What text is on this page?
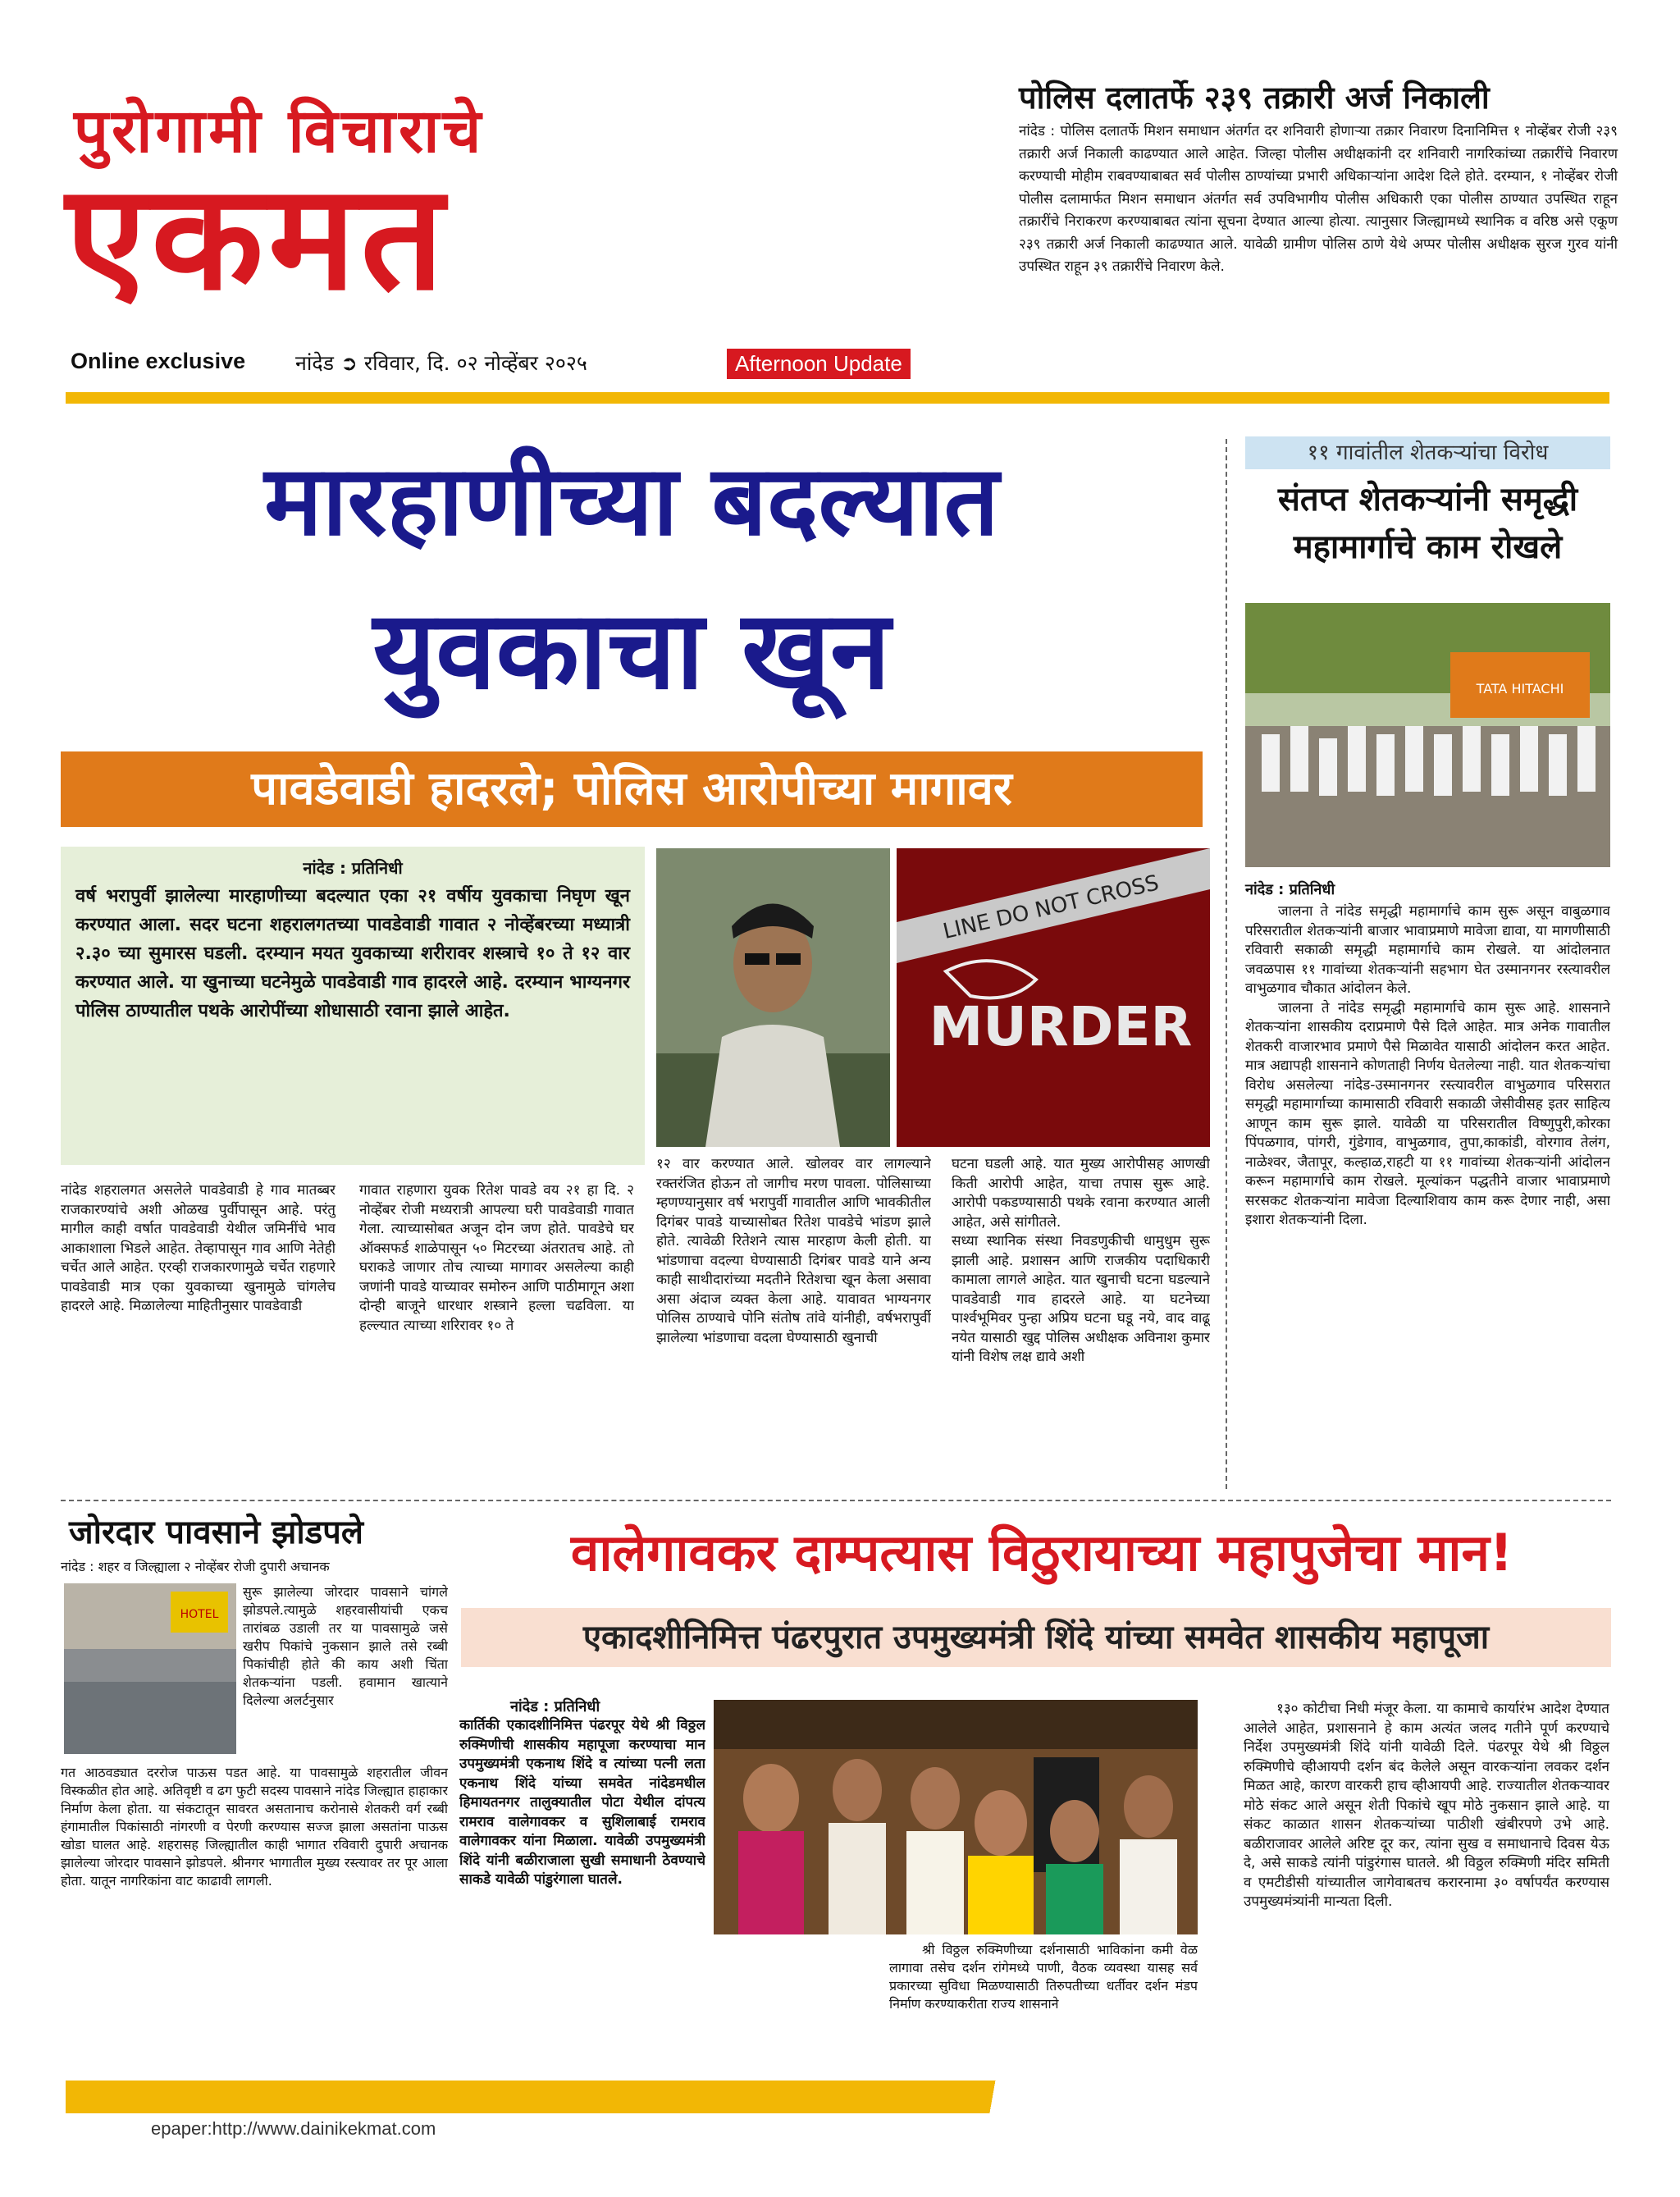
पुरोगामी विचाराचे
एकमत
Online exclusive नांदेड ➲ रविवार, दि. ०२ नोव्हेंबर २०२५	Afternoon Update
पोलिस दलातर्फे २३९ तक्रारी अर्ज निकाली

नांदेड : पोलिस दलातर्फे मिशन समाधान अंतर्गत दर शनिवारी होणाऱ्या तक्रार निवारण दिनानिमित्त १ नोव्हेंबर रोजी २३९ तक्रारी अर्ज निकाली काढण्यात आले आहेत. जिल्हा पोलीस अधीक्षकांनी दर शनिवारी नागरिकांच्या तक्रारींचे निवारण करण्याची मोहीम राबवण्याबाबत सर्व पोलीस ठाण्यांच्या प्रभारी अधिकाऱ्यांना आदेश दिले होते. दरम्यान, १ नोव्हेंबर रोजी पोलीस दलामार्फत मिशन समाधान अंतर्गत सर्व उपविभागीय पोलीस अधिकारी एका पोलीस ठाण्यात उपस्थित राहून तक्रारींचे निराकरण करण्याबाबत त्यांना सूचना देण्यात आल्या होत्या. त्यानुसार जिल्ह्यामध्ये स्थानिक व वरिष्ठ असे एकूण २३९ तक्रारी अर्ज निकाली काढण्यात आले. यावेळी ग्रामीण पोलिस ठाणे येथे अप्पर पोलीस अधीक्षक सुरज गुरव यांनी उपस्थित राहून ३९ तक्रारींचे निवारण केले.

मारहाणीच्या बदल्यात
युवकाचा खून
पावडेवाडी हादरले; पोलिस आरोपीच्या मागावर
नांदेड : प्रतिनिधी

वर्ष भरापुर्वी झालेल्या मारहाणीच्या बदल्यात एका २१ वर्षीय युवकाचा निघृण खून करण्यात आला. सदर घटना शहरालगतच्या पावडेवाडी गावात २ नोव्हेंबरच्या मध्यात्री २.३० च्या सुमारस घडली. दरम्यान मयत युवकाच्या शरीरावर शस्त्राचे १० ते १२ वार करण्यात आले. या खुनाच्या घटनेमुळे पावडेवाडी गाव हादरले आहे. दरम्यान भाग्यनगर पोलिस ठाण्यातील पथके आरोपींच्या शोधासाठी रवाना झाले आहेत.

LINE DO NOT CROSS
MURDER

नांदेड शहरालगत असलेले पावडेवाडी हे गाव मातब्बर राजकारण्यांचे अशी ओळख पुर्वीपासून आहे. परंतु मागील काही वर्षात पावडेवाडी येथील जमिनींचे भाव आकाशाला भिडले आहेत. तेव्हापासून गाव आणि नेतेही चर्चेत आले आहेत. एरव्ही राजकारणामुळे चर्चेत राहणारे पावडेवाडी मात्र एका युवकाच्या खुनामुळे चांगलेच हादरले आहे. मिळालेल्या माहितीनुसार पावडेवाडी

गावात राहणारा युवक रितेश पावडे वय २१ हा दि. २ नोव्हेंबर रोजी मध्यरात्री आपल्या घरी पावडेवाडी गावात गेला. त्याच्यासोबत अजून दोन जण होते. पावडेचे घर ऑक्सफर्ड शाळेपासून ५० मिटरच्या अंतरातच आहे. तो घराकडे जाणार तोच त्याच्या मागावर असलेल्या काही जणांनी पावडे याच्यावर समोरुन आणि पाठीमागून अशा दोन्ही बाजूने धारधार शस्त्राने हल्ला चढविला. या हल्ल्यात त्याच्या शरिरावर १० ते

१२ वार करण्यात आले. खोलवर वार लागल्याने रक्तरंजित होऊन तो जागीच मरण पावला. पोलिसाच्या म्हणण्यानुसार वर्ष भरापुर्वी गावातील आणि भावकीतील दिगंबर पावडे याच्यासोबत रितेश पावडेचे भांडण झाले होते. त्यावेळी रितेशने त्यास मारहाण केली होती. या भांडणाचा वदल्या घेण्यासाठी दिगंबर पावडे याने अन्य काही साथीदारांच्या मदतीने रितेशचा खून केला असावा असा अंदाज व्यक्त केला आहे. यावावत भाग्यनगर पोलिस ठाण्याचे पोनि संतोष तांवे यांनीही, वर्षभरापुर्वी झालेल्या भांडणाचा वदला घेण्यासाठी खुनाची

घटना घडली आहे. यात मुख्य आरोपीसह आणखी किती आरोपी आहेत, याचा तपास सुरू आहे. आरोपी पकडण्यासाठी पथके रवाना करण्यात आली आहेत, असे सांगीतले.
सध्या स्थानिक संस्था निवडणुकीची धामुधुम सुरू झाली आहे. प्रशासन आणि राजकीय पदाधिकारी कामाला लागले आहेत. यात खुनाची घटना घडल्याने पावडेवाडी गाव हादरले आहे. या घटनेच्या पार्श्वभूमिवर पुन्हा अप्रिय घटना घडू नये, वाद वाढू नयेत यासाठी खुद्द पोलिस अधीक्षक अविनाश कुमार यांनी विशेष लक्ष द्यावे अशी

११ गावांतील शेतकऱ्यांचा विरोध
संतप्त शेतकऱ्यांनी समृद्धी महामार्गाचे काम रोखले
TATA HITACHI
नांदेड : प्रतिनिधी

जालना ते नांदेड समृद्धी महामार्गाचे काम सुरू असून वाबुळगाव परिसरातील शेतकऱ्यांनी बाजार भावाप्रमाणे मावेजा द्यावा, या मागणीसाठी रविवारी सकाळी समृद्धी महामार्गाचे काम रोखले. या आंदोलनात जवळपास ११ गावांच्या शेतकऱ्यांनी सहभाग घेत उस्मानगनर रस्त्यावरील वाभुळगाव चौकात आंदोलन केले.

जालना ते नांदेड समृद्धी महामार्गाचे काम सुरू आहे. शासनाने शेतकऱ्यांना शासकीय दराप्रमाणे पैसे दिले आहेत. मात्र अनेक गावातील शेतकरी वाजारभाव प्रमाणे पैसे मिळावेत यासाठी आंदोलन करत आहेत. मात्र अद्यापही शासनाने कोणताही निर्णय घेतलेल्या नाही. यात शेतकऱ्यांचा विरोध असलेल्या नांदेड-उस्मानगनर रस्त्यावरील वाभुळगाव परिसरात समृद्धी महामार्गाच्या कामासाठी रविवारी सकाळी जेसीवीसह इतर साहित्य आणून काम सुरू झाले. यावेळी या परिसरातील विष्णुपुरी,कोरका पिंपळगाव, पांगरी, गुंडेगाव, वाभुळगाव, तुपा,काकांडी, वोरगाव तेलंग, नाळेश्वर, जैतापूर, कल्हाळ,राहटी या ११ गावांच्या शेतकऱ्यांनी आंदोलन करून महामार्गाचे काम रोखले. मूल्यांकन पद्धतीने वाजार भावाप्रमाणे सरसकट शेतकऱ्यांना मावेजा दिल्याशिवाय काम करू देणार नाही, असा इशारा शेतकऱ्यांनी दिला.

जोरदार पावसाने झोडपले
नांदेड : शहर व जिल्ह्याला २ नोव्हेंबर रोजी दुपारी अचानक
HOTEL

सुरू झालेल्या जोरदार पावसाने चांगले झोडपले.त्यामुळे शहरवासीयांची एकच तारांबळ उडाली तर या पावसामुळे जसे खरीप पिकांचे नुकसान झाले तसे रब्बी पिकांचीही होते की काय अशी चिंता शेतकऱ्यांना पडली. हवामान खात्याने दिलेल्या अलर्टनुसार

गत आठवड्यात दररोज पाऊस पडत आहे. या पावसामुळे शहरातील जीवन विस्कळीत होत आहे. अतिवृष्टी व ढग फुटी सदस्य पावसाने नांदेड जिल्ह्यात हाहाकार निर्माण केला होता. या संकटातून सावरत असतानाच करोनासे शेतकरी वर्ग रब्बी हंगामातील पिकांसाठी नांगरणी व पेरणी करण्यास सज्ज झाला असतांना पाऊस खोडा घालत आहे. शहरासह जिल्ह्यातील काही भागात रविवारी दुपारी अचानक झालेल्या जोरदार पावसाने झोडपले. श्रीनगर भागातील मुख्य रस्त्यावर तर पूर आला होता. यातून नागरिकांना वाट काढावी लागली.

वालेगावकर दाम्पत्यास विठुरायाच्या महापुजेचा मान!
एकादशीनिमित्त पंढरपुरात उपमुख्यमंत्री शिंदे यांच्या समवेत शासकीय महापूजा
नांदेड : प्रतिनिधी

कार्तिकी एकादशीनिमित्त पंढरपूर येथे श्री विठ्ठल रुक्मिणीची शासकीय महापूजा करण्याचा मान उपमुख्यमंत्री एकनाथ शिंदे व त्यांच्या पत्नी लता एकनाथ शिंदे यांच्या समवेत नांदेडमधील हिमायतनगर तालुक्यातील पोटा येथील दांपत्य रामराव वालेगावकर व सुशिलाबाई रामराव वालेगावकर यांना मिळाला. यावेळी उपमुख्यमंत्री शिंदे यांनी बळीराजाला सुखी समाधानी ठेवण्याचे साकडे यावेळी पांडुरंगाला घातले.

श्री विठ्ठल रुक्मिणीच्या दर्शनासाठी भाविकांना कमी वेळ लागावा तसेच दर्शन रांगेमध्ये पाणी, वैठक व्यवस्था यासह सर्व प्रकारच्या सुविधा मिळण्यासाठी तिरुपतीच्या धर्तीवर दर्शन मंडप निर्माण करण्याकरीता राज्य शासनाने

१३० कोटीचा निधी मंजूर केला. या कामाचे कार्यारंभ आदेश देण्यात आलेले आहेत, प्रशासनाने हे काम अत्यंत जलद गतीने पूर्ण करण्याचे निर्देश उपमुख्यमंत्री शिंदे यांनी यावेळी दिले. पंढरपूर येथे श्री विठ्ठल रुक्मिणीचे व्हीआयपी दर्शन बंद केलेले असून वारकऱ्यांना लवकर दर्शन मिळत आहे, कारण वारकरी हाच व्हीआयपी आहे. राज्यातील शेतकऱ्यावर मोठे संकट आले असून शेती पिकांचे खूप मोठे नुकसान झाले आहे. या संकट काळात शासन शेतकऱ्यांच्या पाठीशी खंबीरपणे उभे आहे. बळीराजावर आलेले अरिष्ट दूर कर, त्यांना सुख व समाधानाचे दिवस येऊ दे, असे साकडे त्यांनी पांडुरंगास घातले. श्री विठ्ठल रुक्मिणी मंदिर समिती व एमटीडीसी यांच्यातील जागेवाबतच करारनामा ३० वर्षापर्यंत करण्यास उपमुख्यमंत्र्यांनी मान्यता दिली.

epaper:http://www.dainikekmat.com
